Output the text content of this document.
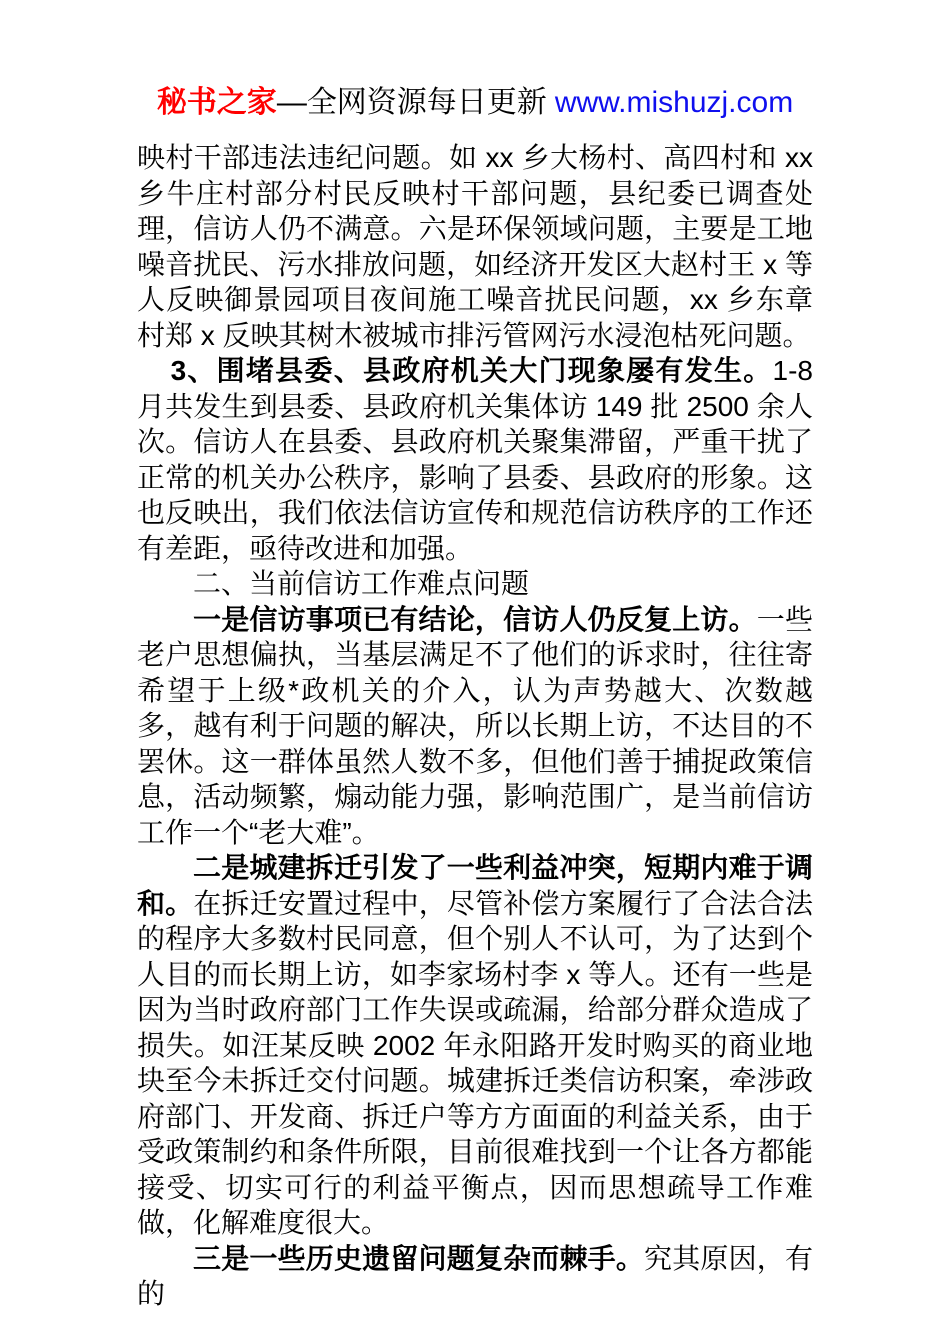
秘书之家—全网资源每日更新 www.mishuzj.com

映村干部违法违纪问题。如 xx 乡大杨村、高四村和 xx 乡牛庄村部分村民反映村干部问题，县纪委已调查处理，信访人仍不满意。六是环保领域问题，主要是工地噪音扰民、污水排放问题，如经济开发区大赵村王 x 等人反映御景园项目夜间施工噪音扰民问题，xx 乡东章村郑 x 反映其树木被城市排污管网污水浸泡枯死问题。

3、围堵县委、县政府机关大门现象屡有发生。1-8 月共发生到县委、县政府机关集体访 149 批 2500 余人次。信访人在县委、县政府机关聚集滞留，严重干扰了正常的机关办公秩序，影响了县委、县政府的形象。这也反映出，我们依法信访宣传和规范信访秩序的工作还有差距，亟待改进和加强。

二、当前信访工作难点问题

一是信访事项已有结论，信访人仍反复上访。一些老户思想偏执，当基层满足不了他们的诉求时，往往寄希望于上级*政机关的介入，认为声势越大、次数越多，越有利于问题的解决，所以长期上访，不达目的不罢休。这一群体虽然人数不多，但他们善于捕捉政策信息，活动频繁，煽动能力强，影响范围广，是当前信访工作一个“老大难”。

二是城建拆迁引发了一些利益冲突，短期内难于调和。在拆迁安置过程中，尽管补偿方案履行了合法合法的程序大多数村民同意，但个别人不认可，为了达到个人目的而长期上访，如李家场村李 x 等人。还有一些是因为当时政府部门工作失误或疏漏，给部分群众造成了损失。如汪某反映 2002 年永阳路开发时购买的商业地块至今未拆迁交付问题。城建拆迁类信访积案，牵涉政府部门、开发商、拆迁户等方方面面的利益关系，由于受政策制约和条件所限，目前很难找到一个让各方都能接受、切实可行的利益平衡点，因而思想疏导工作难做，化解难度很大。

三是一些历史遗留问题复杂而棘手。究其原因，有的
